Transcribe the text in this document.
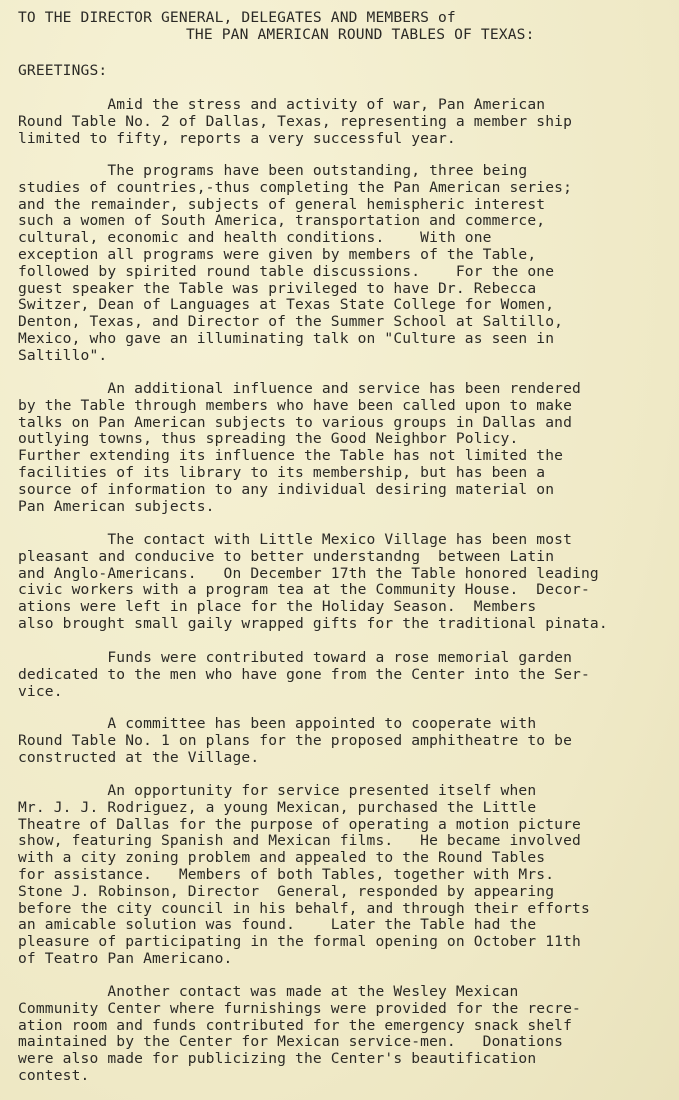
TO THE DIRECTOR GENERAL, DELEGATES AND MEMBERS of
THE PAN AMERICAN ROUND TABLES OF TEXAS:
GREETINGS:
Amid the stress and activity of war, Pan American
Round Table No. 2 of Dallas, Texas, representing a member ship
limited to fifty, reports a very successful year.
The programs have been outstanding, three being
studies of countries,-thus completing the Pan American series;
and the remainder, subjects of general hemispheric interest
such a women of South America, transportation and commerce,
cultural, economic and health conditions.    With one
exception all programs were given by members of the Table,
followed by spirited round table discussions.    For the one
guest speaker the Table was privileged to have Dr. Rebecca
Switzer, Dean of Languages at Texas State College for Women,
Denton, Texas, and Director of the Summer School at Saltillo,
Mexico, who gave an illuminating talk on "Culture as seen in
Saltillo".
An additional influence and service has been rendered
by the Table through members who have been called upon to make
talks on Pan American subjects to various groups in Dallas and
outlying towns, thus spreading the Good Neighbor Policy.
Further extending its influence the Table has not limited the
facilities of its library to its membership, but has been a
source of information to any individual desiring material on
Pan American subjects.
The contact with Little Mexico Village has been most
pleasant and conducive to better understandng  between Latin
and Anglo-Americans.   On December 17th the Table honored leading
civic workers with a program tea at the Community House.  Decor-
ations were left in place for the Holiday Season.  Members
also brought small gaily wrapped gifts for the traditional pinata.
Funds were contributed toward a rose memorial garden
dedicated to the men who have gone from the Center into the Ser-
vice.
A committee has been appointed to cooperate with
Round Table No. 1 on plans for the proposed amphitheatre to be
constructed at the Village.
An opportunity for service presented itself when
Mr. J. J. Rodriguez, a young Mexican, purchased the Little
Theatre of Dallas for the purpose of operating a motion picture
show, featuring Spanish and Mexican films.   He became involved
with a city zoning problem and appealed to the Round Tables
for assistance.   Members of both Tables, together with Mrs.
Stone J. Robinson, Director  General, responded by appearing
before the city council in his behalf, and through their efforts
an amicable solution was found.    Later the Table had the
pleasure of participating in the formal opening on October 11th
of Teatro Pan Americano.
Another contact was made at the Wesley Mexican
Community Center where furnishings were provided for the recre-
ation room and funds contributed for the emergency snack shelf
maintained by the Center for Mexican service-men.   Donations
were also made for publicizing the Center's beautification
contest.
